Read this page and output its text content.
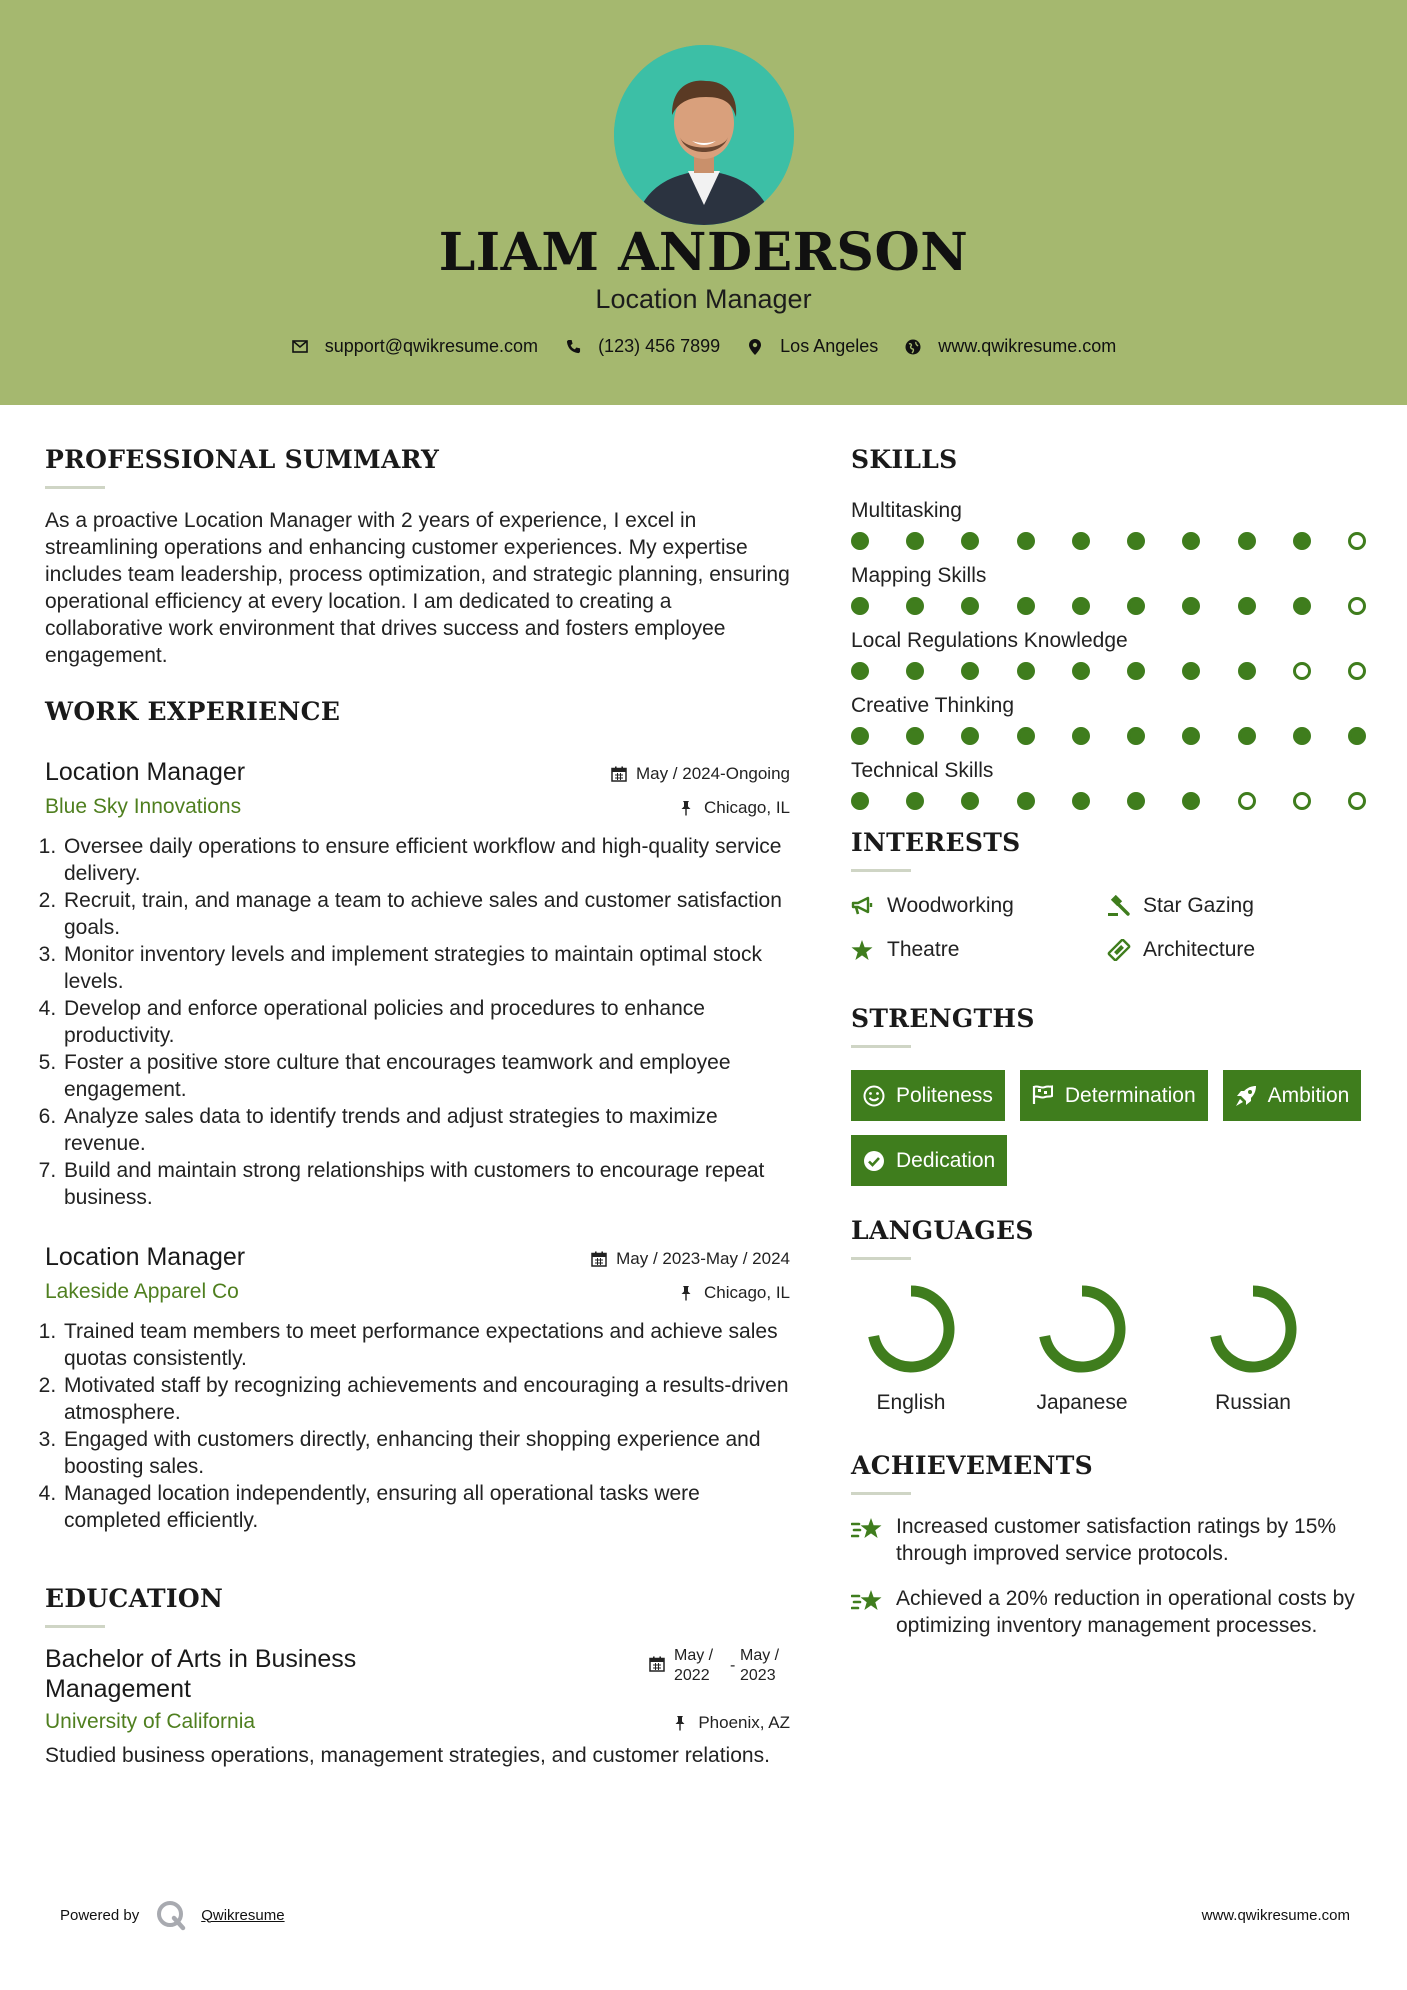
LIAM ANDERSON
Location Manager
support@qwikresume.com	(123) 456 7899	Los Angeles	www.qwikresume.com
PROFESSIONAL SUMMARY

As a proactive Location Manager with 2 years of experience, I excel in streamlining operations and enhancing customer experiences. My expertise includes team leadership, process optimization, and strategic planning, ensuring operational efficiency at every location. I am dedicated to creating a collaborative work environment that drives success and fosters employee engagement.

WORK EXPERIENCE
Location Manager	May / 2024-Ongoing
Blue Sky Innovations	Chicago, IL
1. Oversee daily operations to ensure efficient workflow and high-quality service delivery.
2. Recruit, train, and manage a team to achieve sales and customer satisfaction goals.
3. Monitor inventory levels and implement strategies to maintain optimal stock levels.
4. Develop and enforce operational policies and procedures to enhance productivity.
5. Foster a positive store culture that encourages teamwork and employee engagement.
6. Analyze sales data to identify trends and adjust strategies to maximize revenue.
7. Build and maintain strong relationships with customers to encourage repeat business.
Location Manager	May / 2023-May / 2024
Lakeside Apparel Co	Chicago, IL
1. Trained team members to meet performance expectations and achieve sales quotas consistently.
2. Motivated staff by recognizing achievements and encouraging a results-driven atmosphere.
3. Engaged with customers directly, enhancing their shopping experience and boosting sales.
4. Managed location independently, ensuring all operational tasks were completed efficiently.
EDUCATION
Bachelor of Arts in Business Management
May / 2022
-
May / 2023
University of California	Phoenix, AZ

Studied business operations, management strategies, and customer relations.

SKILLS
Multitasking
Mapping Skills
Local Regulations Knowledge
Creative Thinking
Technical Skills
INTERESTS
Woodworking	Star Gazing
Theatre	Architecture
STRENGTHS
Politeness	Determination	Ambition
Dedication
LANGUAGES
English	Japanese	Russian
ACHIEVEMENTS
Increased customer satisfaction ratings by 15% through improved service protocols.
Achieved a 20% reduction in operational costs by optimizing inventory management processes.
Powered by	Qwikresume	www.qwikresume.com
